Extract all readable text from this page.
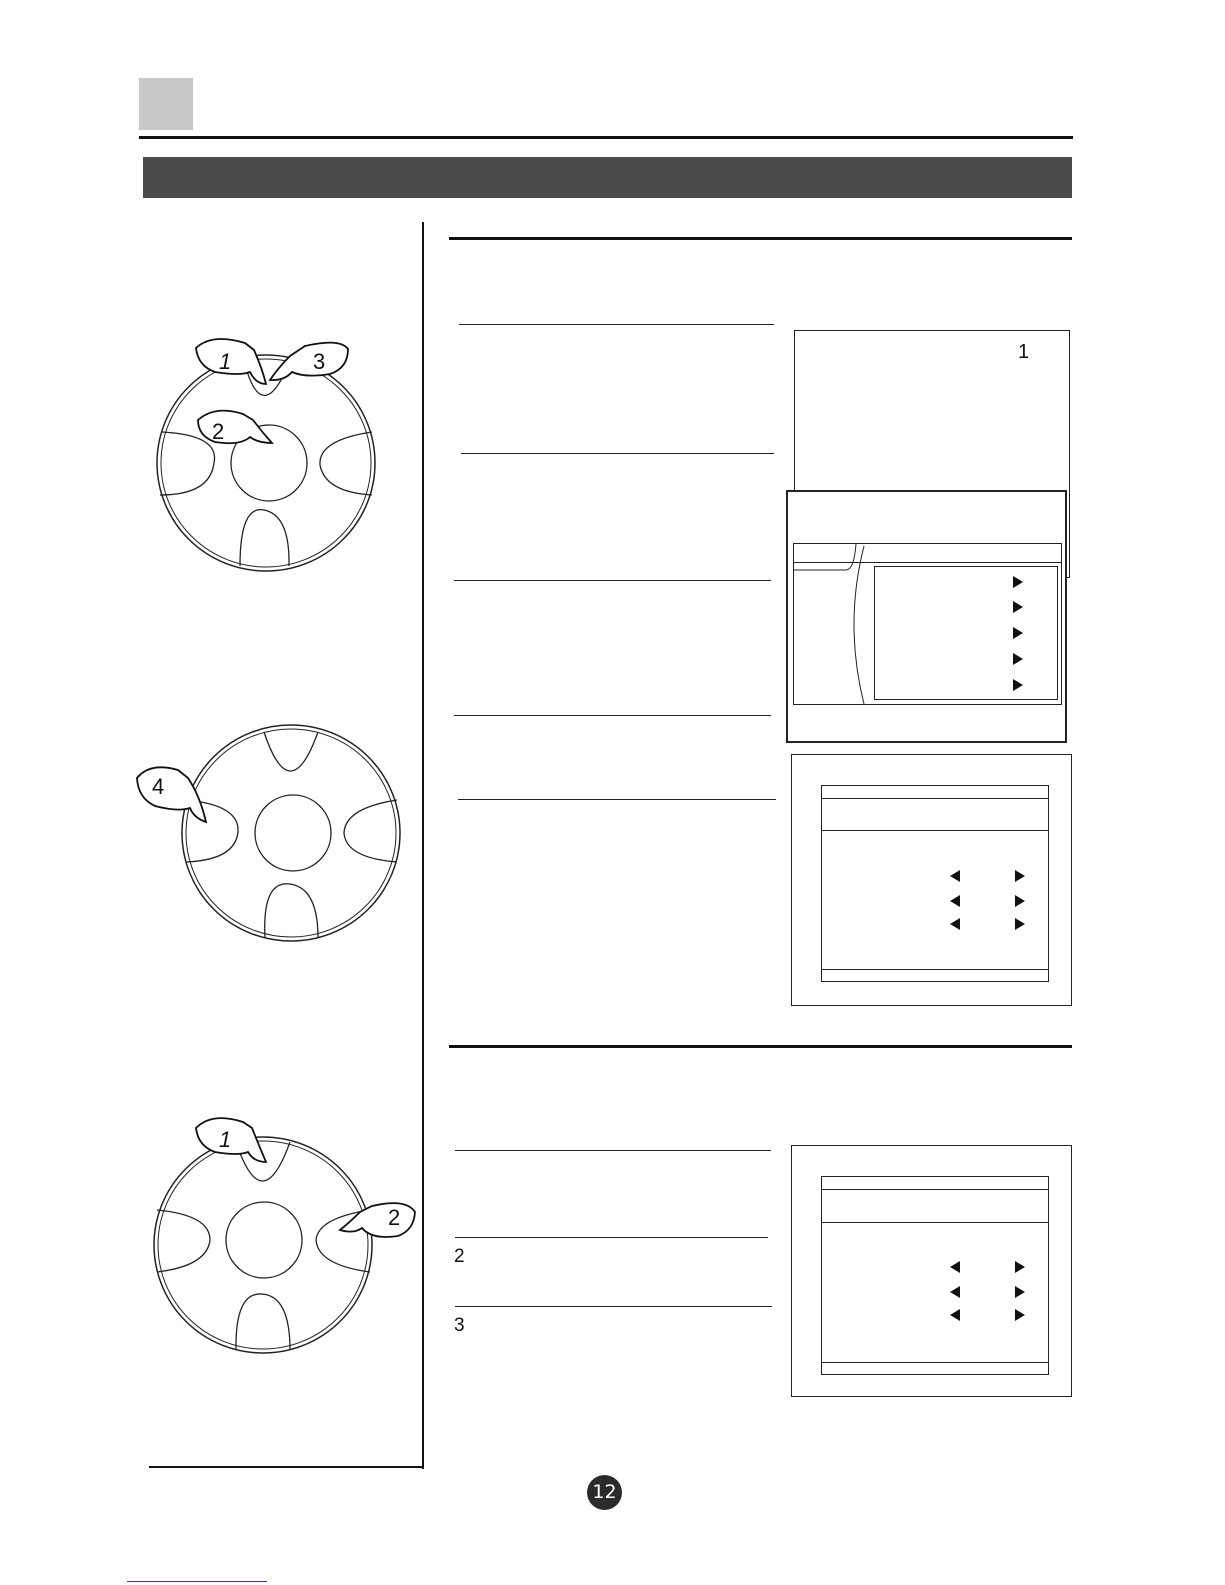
1	3
2
4
1
2
1
2
3
12
